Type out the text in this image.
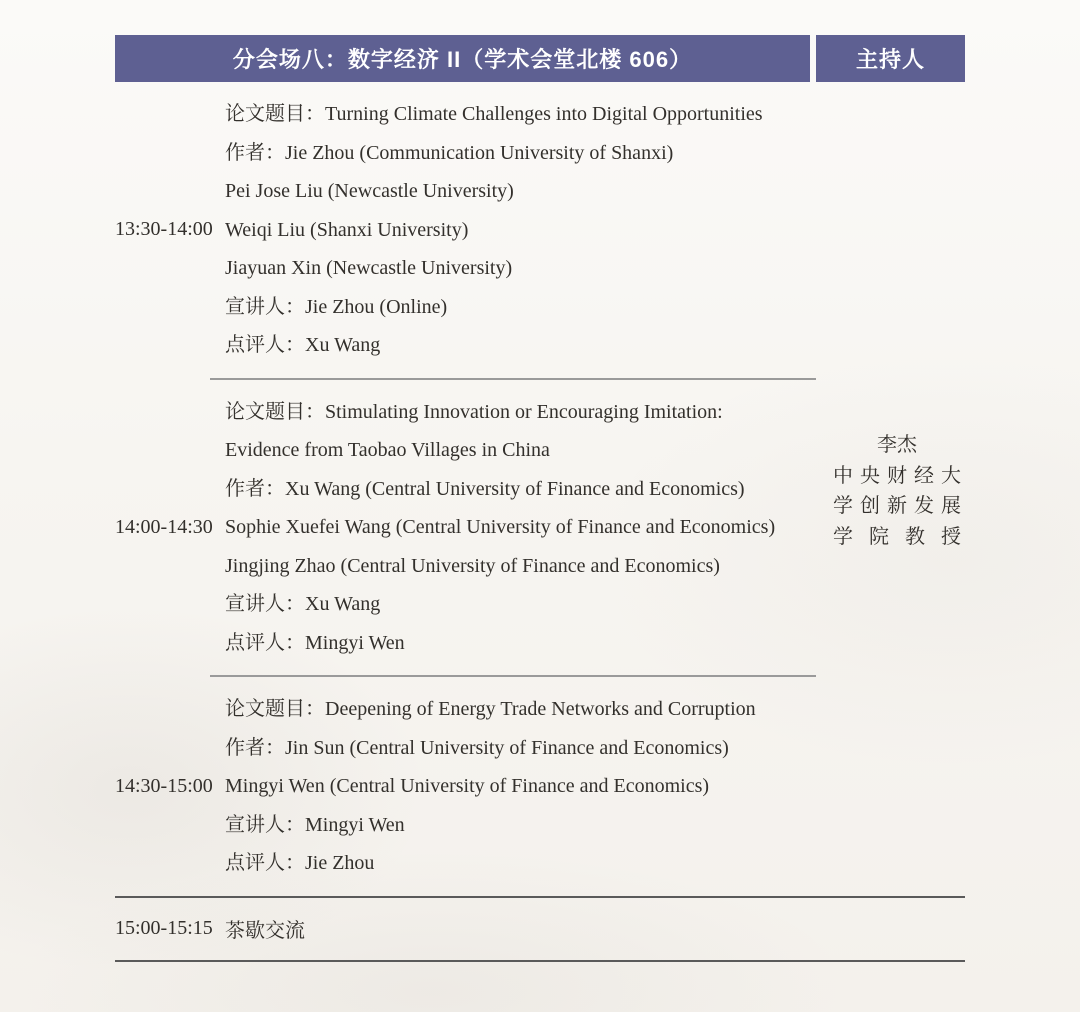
分会场八：数字经济 II（学术会堂北楼 606）	主持人
13:30-14:00

论文题目：Turning Climate Challenges into Digital Opportunities

作者：Jie Zhou (Communication University of Shanxi)

Pei Jose Liu (Newcastle University)

Weiqi Liu (Shanxi University)

Jiayuan Xin (Newcastle University)

宣讲人：Jie Zhou (Online)

点评人：Xu Wang

14:00-14:30

论文题目：Stimulating Innovation or Encouraging Imitation:

Evidence from Taobao Villages in China

作者：Xu Wang (Central University of Finance and Economics)

Sophie Xuefei Wang (Central University of Finance and Economics)

Jingjing Zhao (Central University of Finance and Economics)

宣讲人：Xu Wang

点评人：Mingyi Wen

14:30-15:00

论文题目：Deepening of Energy Trade Networks and Corruption

作者：Jin Sun (Central University of Finance and Economics)

Mingyi Wen (Central University of Finance and Economics)

宣讲人：Mingyi Wen

点评人：Jie Zhou

15:00-15:15 茶歇交流

李杰

中央财经大

学创新发展

学院教授
